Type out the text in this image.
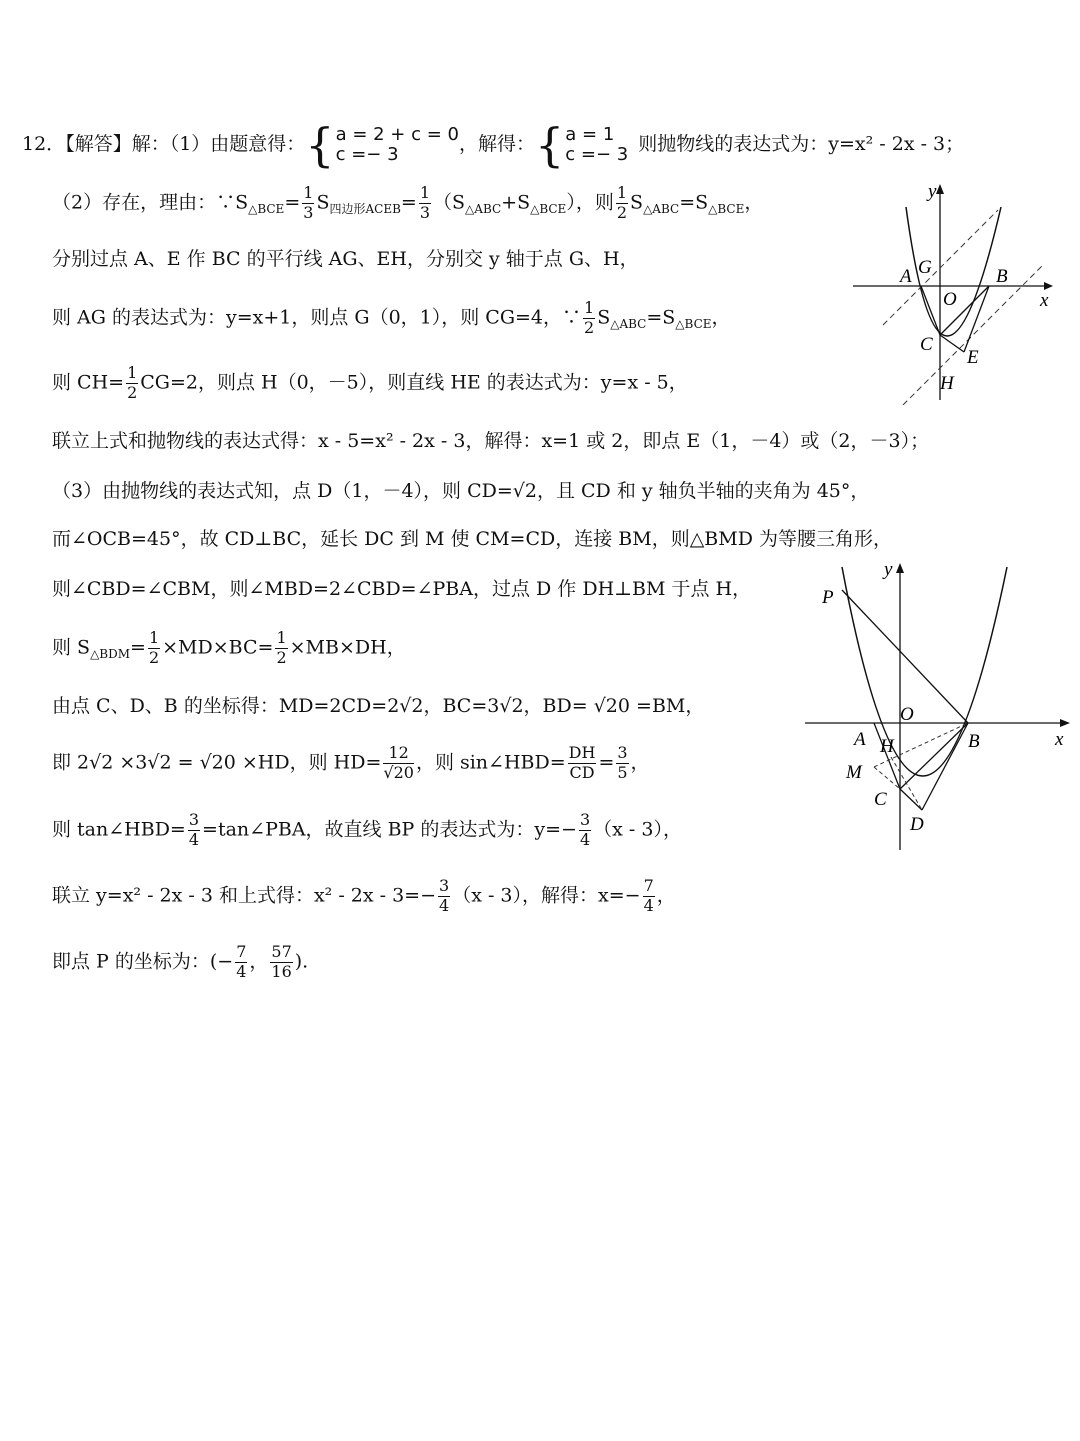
12．【解答】解：（1）由题意得：{ a = 2 + c = 0
c =− 3	，解得：{ a = 1
c =− 3 则抛物线的表达式为：y=x² - 2x - 3；
（2）存在，理由：$\because S_{\triangle BCE}= \frac{1}{3} S_{四边形ACEB}= \frac{1}{3} (S_{\triangle ABC}+S_{\triangle BCE})$，则 $\frac{1}{2} S_{\triangle ABC}=S_{\triangle BCE}$，
分别过点 A、E 作 BC 的平行线 AG、EH，分别交 y 轴于点 G、H，
则 AG 的表达式为：y=x+1，则点 G（0，1），则 CG=4，∵ $\frac{1}{2} S_{\triangle ABC}=S_{\triangle BCE}$，
则 $CH= \frac{1}{2} CG=2$，则点 H（0，－5），则直线 HE 的表达式为：y=x - 5，
联立上式和抛物线的表达式得：x - 5=x² - 2x - 3，解得：x=1 或 2，即点 E（1，－4）或（2，－3）；
（3）由抛物线的表达式知，点 D（1，－4），则 CD=√2，且 CD 和 y 轴负半轴的夹角为 45°，
而∠OCB=45°，故 CD⊥BC，延长 DC 到 M 使 CM=CD，连接 BM，则△BMD 为等腰三角形，
则∠CBD=∠CBM，则∠MBD=2∠CBD=∠PBA，过点 D 作 DH⊥BM 于点 H，
则 $S_{\triangle BDM}= \frac{1}{2} \times MD\times BC= \frac{1}{2} \times MB\times DH$，
由点 C、D、B 的坐标得：MD=2CD=2√2，BC=3√2，BD= √20 =BM，
即 2√2 ×3√2 = √20 ×HD，则 $HD= \frac{12}{√20}$ ，则 sin∠HBD= $\frac{DH}{CD} = \frac{3}{5}$ ，
则 tan∠HBD= $\frac{3}{4}$ =tan∠PBA，故直线 BP 的表达式为：$y=- \frac{3}{4} (x - 3)$，
联立 y=x² - 2x - 3 和上式得：$x^2 - 2x - 3=- \frac{3}{4} (x - 3)$，解得：$x=- \frac{7}{4}$ ，
即点 P 的坐标为：(− $\frac{7}{4}$ ， $\frac{57}{16}$ ).
y
x
A G	B
O
C
E
H
y
x
P
O
A H	B
M
C
D
